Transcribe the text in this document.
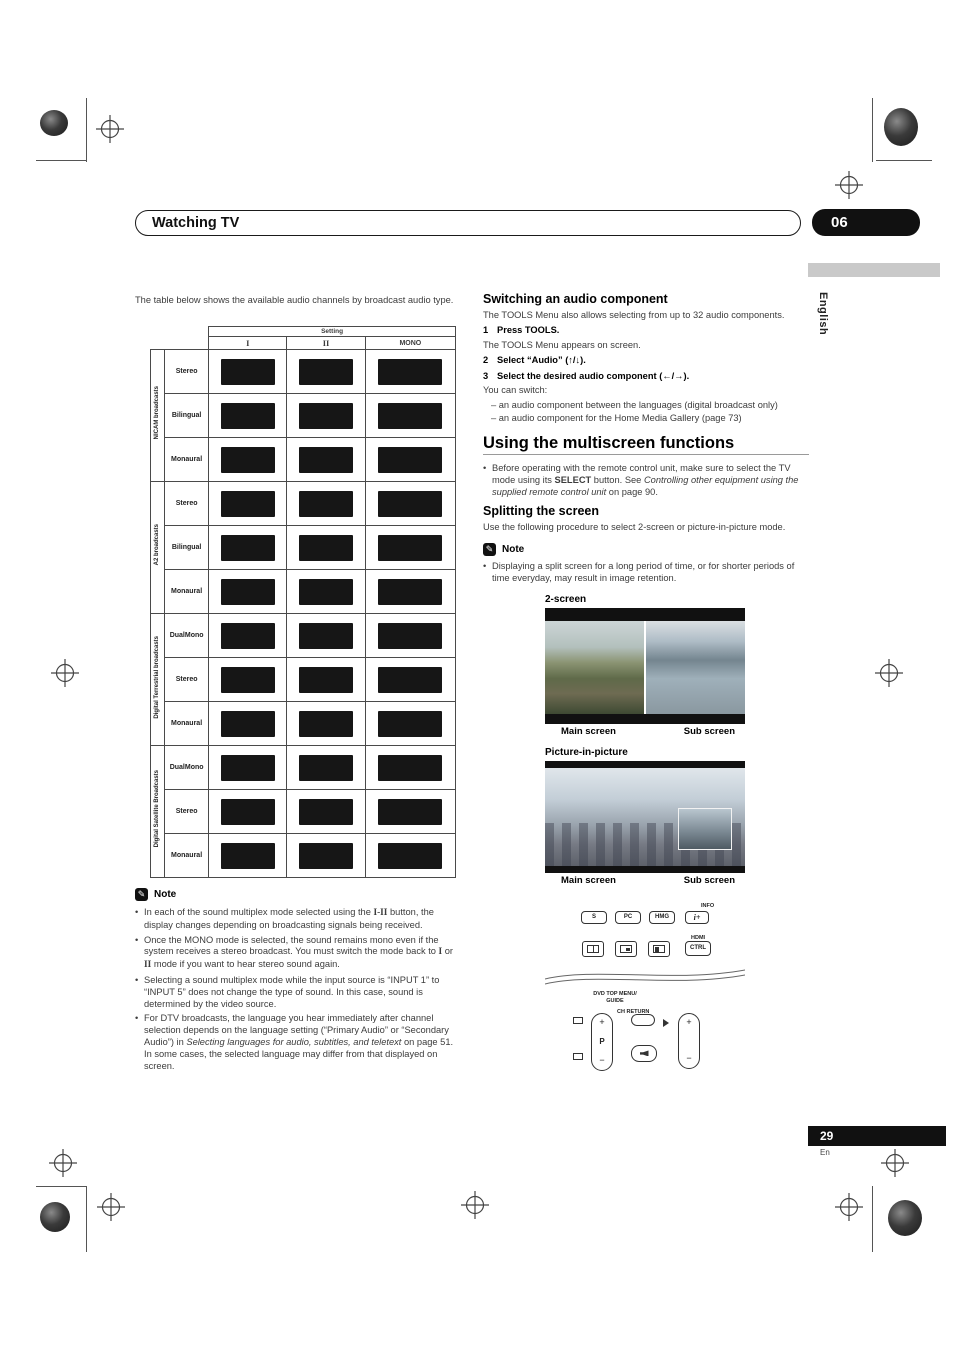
Watching TV	06
English
29
En
The table below shows the available audio channels by broadcast audio type.
		Setting		
		I	II	MONO
NICAM broadcasts	Stereo	

	Bilingual	

	Monaural	

A2 broadcasts	Stereo	

	Bilingual	

	Monaural	

Digital Terrestrial broadcasts	DualMono	

	Stereo	

	Monaural	

Digital Satellite Broadcasts	DualMono	

	Stereo	

	Monaural	

✎ Note
• In each of the sound multiplex mode selected using the I-II button, the display changes depending on broadcasting signals being received.
• Once the MONO mode is selected, the sound remains mono even if the system receives a stereo broadcast. You must switch the mode back to I or II mode if you want to hear stereo sound again.
• Selecting a sound multiplex mode while the input source is “INPUT 1” to “INPUT 5” does not change the type of sound. In this case, sound is determined by the video source.
• For DTV broadcasts, the language you hear immediately after channel selection depends on the language setting (“Primary Audio” or “Secondary Audio”) in Selecting languages for audio, subtitles, and teletext on page 51. In some cases, the selected language may differ from that displayed on screen.
Switching an audio component

The TOOLS Menu also allows selecting from up to 32 audio components.

1 Press TOOLS.

The TOOLS Menu appears on screen.

2 Select “Audio” (↑/↓).

3 Select the desired audio component (←/→).

You can switch:

– an audio component between the languages (digital broadcast only)
– an audio component for the Home Media Gallery (page 73)
Using the multiscreen functions
• Before operating with the remote control unit, make sure to select the TV mode using its SELECT button. See Controlling other equipment using the supplied remote control unit on page 90.
Splitting the screen

Use the following procedure to select 2-screen or picture-in-picture mode.

✎ Note
• Displaying a split screen for a long period of time, or for shorter periods of time everyday, may result in image retention.
2-screen
Main screen	Sub screen
Picture-in-picture
Main screen	Sub screen
S	PC	HMG
INFO
i+
HDMI
CTRL
DVD TOP MENU/
GUIDE
CH RETURN
+
P
−
+
−
